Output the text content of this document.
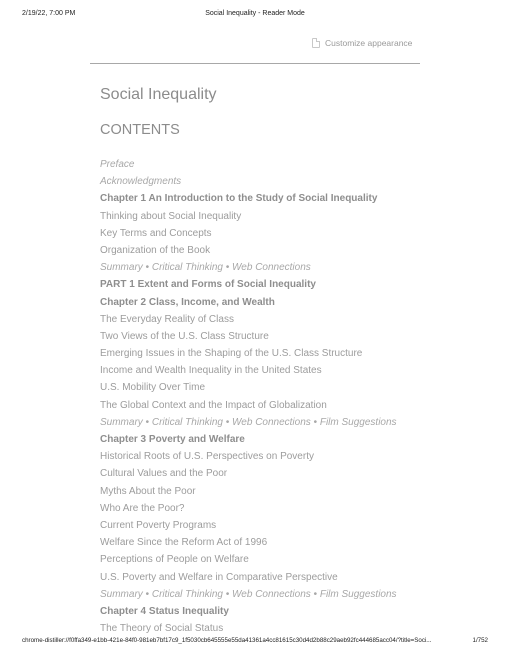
2/19/22, 7:00 PM	Social Inequality - Reader Mode
Customize appearance
Social Inequality
CONTENTS
Preface
Acknowledgments
Chapter 1 An Introduction to the Study of Social Inequality
Thinking about Social Inequality
Key Terms and Concepts
Organization of the Book
Summary • Critical Thinking • Web Connections
PART 1 Extent and Forms of Social Inequality
Chapter 2 Class, Income, and Wealth
The Everyday Reality of Class
Two Views of the U.S. Class Structure
Emerging Issues in the Shaping of the U.S. Class Structure
Income and Wealth Inequality in the United States
U.S. Mobility Over Time
The Global Context and the Impact of Globalization
Summary • Critical Thinking • Web Connections • Film Suggestions
Chapter 3 Poverty and Welfare
Historical Roots of U.S. Perspectives on Poverty
Cultural Values and the Poor
Myths About the Poor
Who Are the Poor?
Current Poverty Programs
Welfare Since the Reform Act of 1996
Perceptions of People on Welfare
U.S. Poverty and Welfare in Comparative Perspective
Summary • Critical Thinking • Web Connections • Film Suggestions
Chapter 4 Status Inequality
The Theory of Social Status
chrome-distiller://f0ffa349-e1bb-421e-84f0-981eb7bf17c9_1f5030cb645555e55da41361a4cc81615c30d4d2b88c29aeb92fc444685acc04/?title=Soci...	1/752
